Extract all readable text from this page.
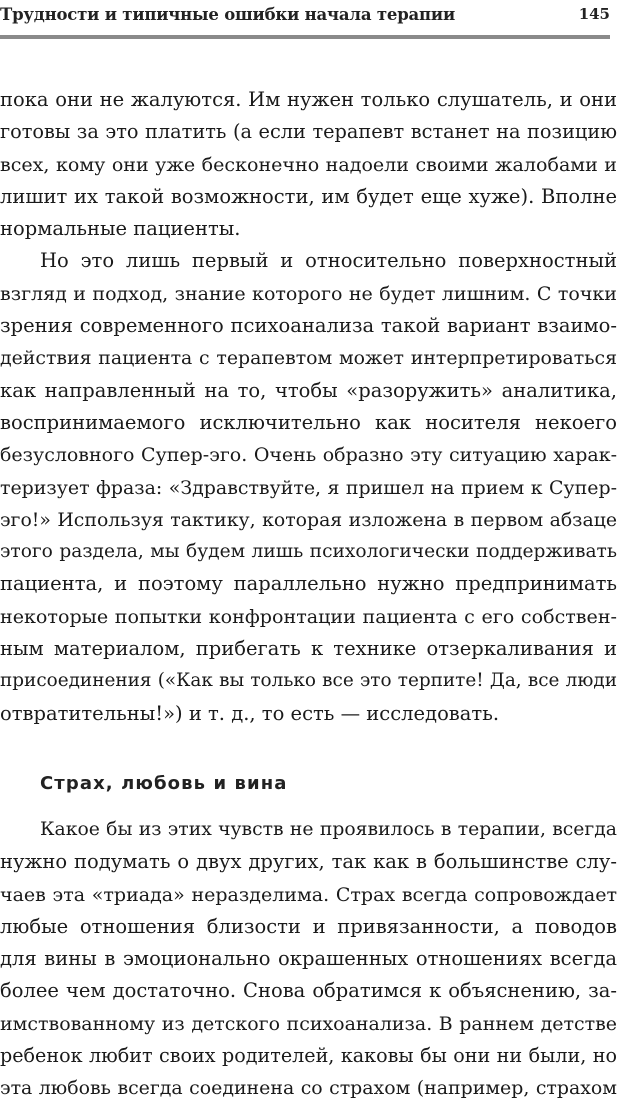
Трудности и типичные ошибки начала терапии	145
пока они не жалуются. Им нужен только слушатель, и они
готовы за это платить (а если терапевт встанет на позицию
всех, кому они уже бесконечно надоели своими жалобами и
лишит их такой возможности, им будет еще хуже). Вполне
нормальные пациенты.
Но это лишь первый и относительно поверхностный
взгляд и подход, знание которого не будет лишним. С точки
зрения современного психоанализа такой вариант взаимо-
действия пациента с терапевтом может интерпретироваться
как направленный на то, чтобы «разоружить» аналитика,
воспринимаемого исключительно как носителя некоего
безусловного Супер-эго. Очень образно эту ситуацию харак-
теризует фраза: «Здравствуйте, я пришел на прием к Супер-
эго!» Используя тактику, которая изложена в первом абзаце
этого раздела, мы будем лишь психологически поддерживать
пациента, и поэтому параллельно нужно предпринимать
некоторые попытки конфронтации пациента с его собствен-
ным материалом, прибегать к технике отзеркаливания и
присоединения («Как вы только все это терпите! Да, все люди
отвратительны!») и т. д., то есть — исследовать.
Страх, любовь и вина
Какое бы из этих чувств не проявилось в терапии, всегда
нужно подумать о двух других, так как в большинстве слу-
чаев эта «триада» неразделима. Страх всегда сопровождает
любые отношения близости и привязанности, а поводов
для вины в эмоционально окрашенных отношениях всегда
более чем достаточно. Снова обратимся к объяснению, за-
имствованному из детского психоанализа. В раннем детстве
ребенок любит своих родителей, каковы бы они ни были, но
эта любовь всегда соединена со страхом (например, страхом
